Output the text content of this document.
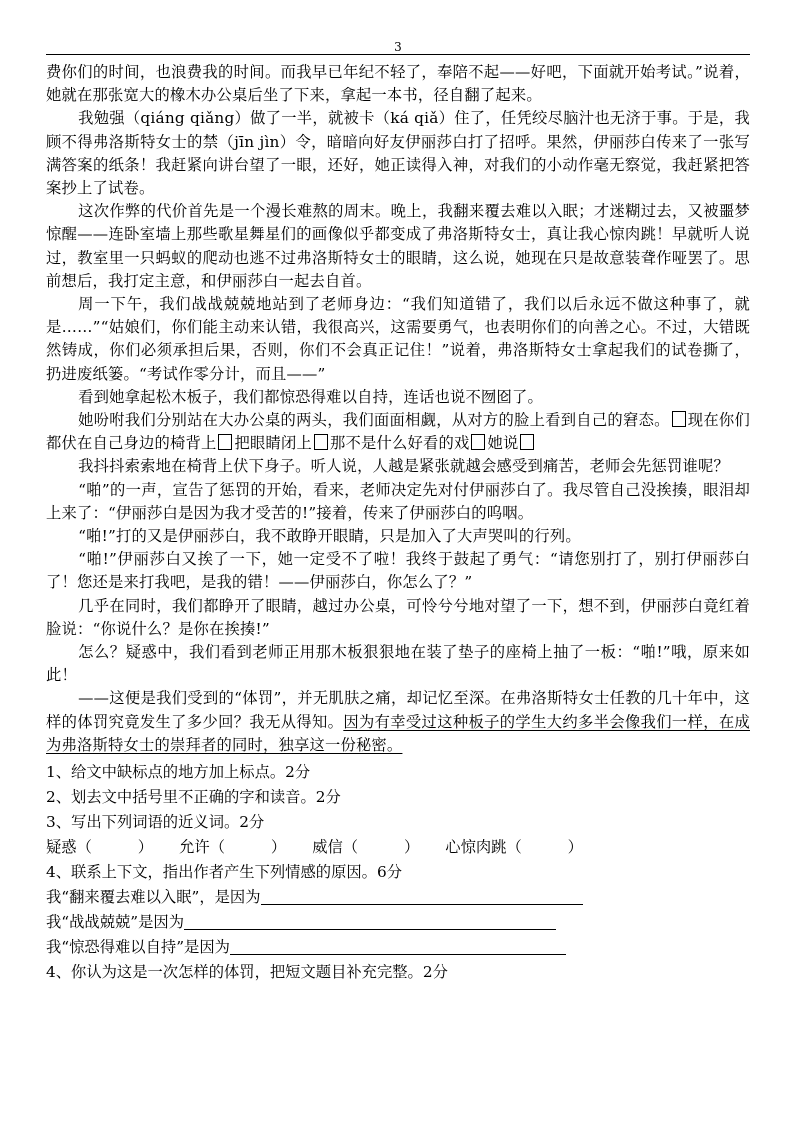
3

费你们的时间，也浪费我的时间。而我早已年纪不轻了，奉陪不起——好吧，下面就开始考试。”说着，她就在那张宽大的橡木办公桌后坐了下来，拿起一本书，径自翻了起来。

我勉强（qiáng qiǎng）做了一半，就被卡（ká qiǎ）住了，任凭绞尽脑汁也无济于事。于是，我顾不得弗洛斯特女士的禁（jīn jìn）令，暗暗向好友伊丽莎白打了招呼。果然，伊丽莎白传来了一张写满答案的纸条！我赶紧向讲台望了一眼，还好，她正读得入神，对我们的小动作毫无察觉，我赶紧把答案抄上了试卷。

这次作弊的代价首先是一个漫长难熬的周末。晚上，我翻来覆去难以入眠；才迷糊过去，又被噩梦惊醒——连卧室墙上那些歌星舞星们的画像似乎都变成了弗洛斯特女士，真让我心惊肉跳！早就听人说过，教室里一只蚂蚁的爬动也逃不过弗洛斯特女士的眼睛，这么说，她现在只是故意装聋作哑罢了。思前想后，我打定主意，和伊丽莎白一起去自首。

周一下午，我们战战兢兢地站到了老师身边：“我们知道错了，我们以后永远不做这种事了，就是……”“姑娘们，你们能主动来认错，我很高兴，这需要勇气，也表明你们的向善之心。不过，大错既然铸成，你们必须承担后果，否则，你们不会真正记住！”说着，弗洛斯特女士拿起我们的试卷撕了，扔进废纸篓。“考试作零分计，而且——”

看到她拿起松木板子，我们都惊恐得难以自持，连话也说不囫囵了。

她吩咐我们分别站在大办公桌的两头，我们面面相觑，从对方的脸上看到自己的窘态。 现在你们都伏在自己身边的椅背上 把眼睛闭上 那不是什么好看的戏 她说

我抖抖索索地在椅背上伏下身子。听人说，人越是紧张就越会感受到痛苦，老师会先惩罚谁呢？

“啪”的一声，宣告了惩罚的开始，看来，老师决定先对付伊丽莎白了。我尽管自己没挨揍，眼泪却上来了：“伊丽莎白是因为我才受苦的!”接着，传来了伊丽莎白的呜咽。

“啪!”打的又是伊丽莎白，我不敢睁开眼睛，只是加入了大声哭叫的行列。

“啪!”伊丽莎白又挨了一下，她一定受不了啦！我终于鼓起了勇气：“请您别打了，别打伊丽莎白了！您还是来打我吧，是我的错！——伊丽莎白，你怎么了？”

几乎在同时，我们都睁开了眼睛，越过办公桌，可怜兮兮地对望了一下，想不到，伊丽莎白竟红着脸说：“你说什么？是你在挨揍!”

怎么？疑惑中，我们看到老师正用那木板狠狠地在装了垫子的座椅上抽了一板：“啪!”哦，原来如此！

——这便是我们受到的“体罚”，并无肌肤之痛，却记忆至深。在弗洛斯特女士任教的几十年中，这样的体罚究竟发生了多少回？我无从得知。因为有幸受过这种板子的学生大约多半会像我们一样，在成为弗洛斯特女士的崇拜者的同时，独享这一份秘密。

1、给文中缺标点的地方加上标点。2分

2、划去文中括号里不正确的字和读音。2分

3、写出下列词语的近义词。2分

疑惑（　　　） 允许（　　　） 威信（　　　） 心惊肉跳（　　　）

4、联系上下文，指出作者产生下列情感的原因。6分

我“翻来覆去难以入眠”，是因为

我“战战兢兢”是因为

我“惊恐得难以自持”是因为

4、你认为这是一次怎样的体罚，把短文题目补充完整。2分
